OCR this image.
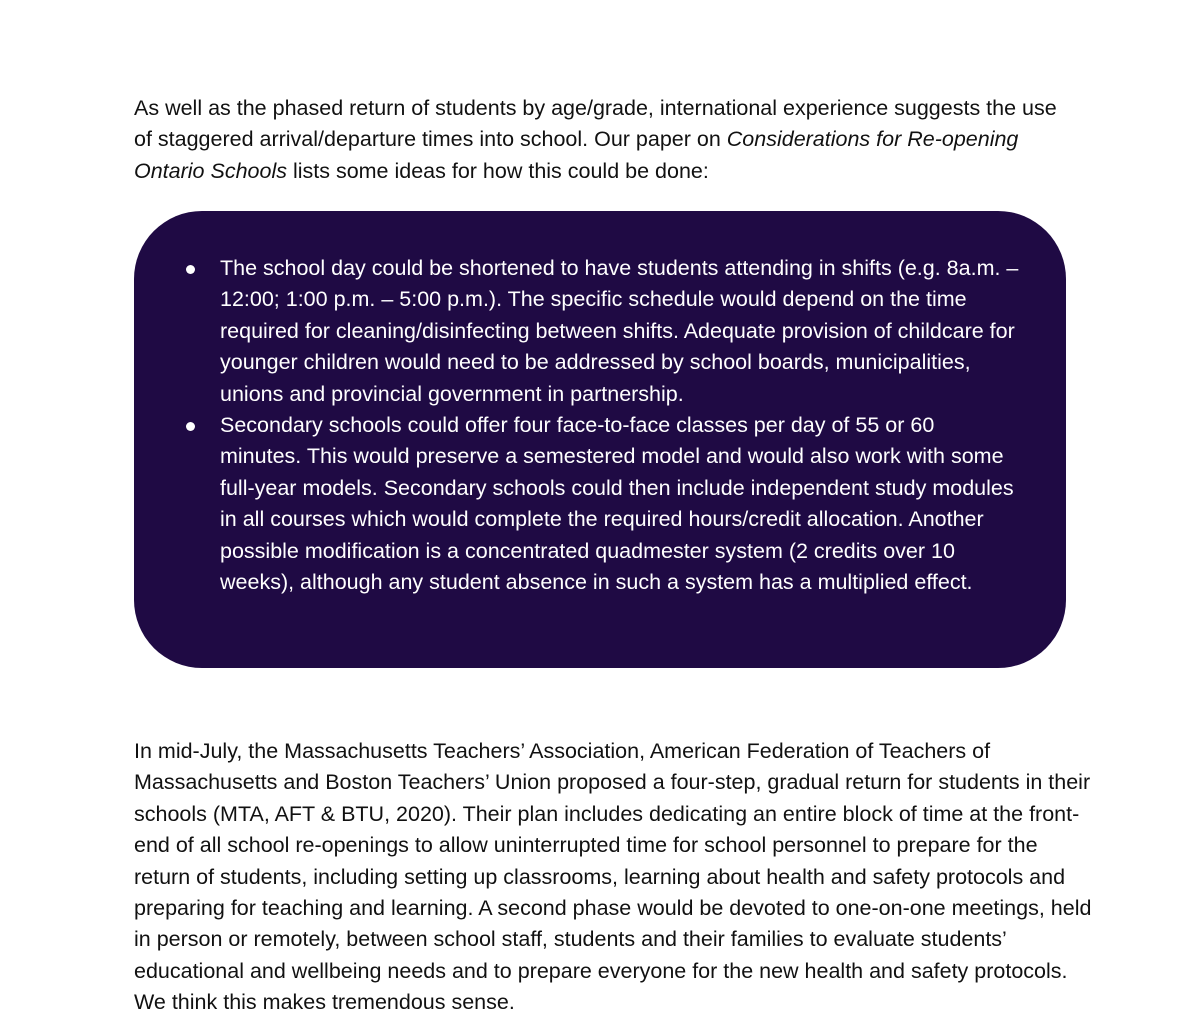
As well as the phased return of students by age/grade, international experience suggests the use of staggered arrival/departure times into school. Our paper on Considerations for Re-opening Ontario Schools lists some ideas for how this could be done:

The school day could be shortened to have students attending in shifts (e.g. 8a.m. – 12:00; 1:00 p.m. – 5:00 p.m.). The specific schedule would depend on the time required for cleaning/disinfecting between shifts. Adequate provision of childcare for younger children would need to be addressed by school boards, municipalities, unions and provincial government in partnership.
Secondary schools could offer four face-to-face classes per day of 55 or 60 minutes. This would preserve a semestered model and would also work with some full-year models. Secondary schools could then include independent study modules in all courses which would complete the required hours/credit allocation. Another possible modification is a concentrated quadmester system (2 credits over 10 weeks), although any student absence in such a system has a multiplied effect.

In mid-July, the Massachusetts Teachers’ Association, American Federation of Teachers of Massachusetts and Boston Teachers’ Union proposed a four-step, gradual return for students in their schools (MTA, AFT & BTU, 2020). Their plan includes dedicating an entire block of time at the front-end of all school re-openings to allow uninterrupted time for school personnel to prepare for the return of students, including setting up classrooms, learning about health and safety protocols and preparing for teaching and learning. A second phase would be devoted to one-on-one meetings, held in person or remotely, between school staff, students and their families to evaluate students’ educational and wellbeing needs and to prepare everyone for the new health and safety protocols. We think this makes tremendous sense.
